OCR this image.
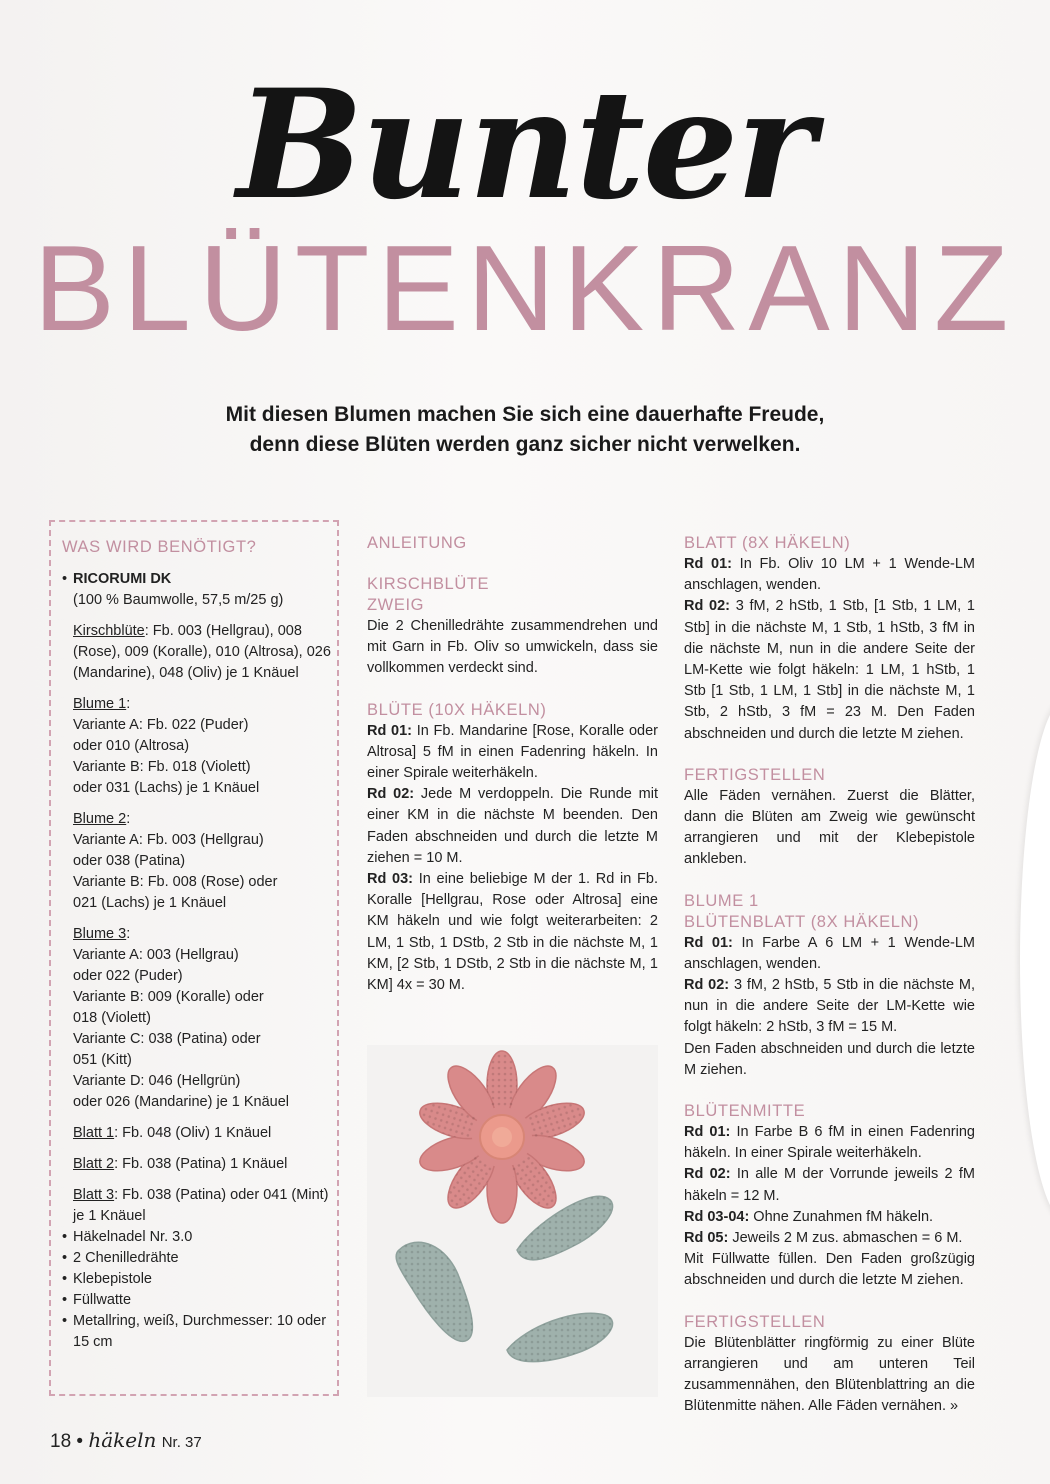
Bunter
BLÜTENKRANZ

Mit diesen Blumen machen Sie sich eine dauerhafte Freude,

denn diese Blüten werden ganz sicher nicht verwelken.

WAS WIRD BENÖTIGT?
• RICORUMI DK
(100 % Baumwolle, 57,5 m/25 g)
Kirschblüte: Fb. 003 (Hellgrau), 008 (Rose), 009 (Koralle), 010 (Altrosa), 026 (Mandarine), 048 (Oliv) je 1 Knäuel
Blume 1:
Variante A: Fb. 022 (Puder)
oder 010 (Altrosa)
Variante B: Fb. 018 (Violett)
oder 031 (Lachs) je 1 Knäuel
Blume 2:
Variante A: Fb. 003 (Hellgrau)
oder 038 (Patina)
Variante B: Fb. 008 (Rose) oder
021 (Lachs) je 1 Knäuel
Blume 3:
Variante A: 003 (Hellgrau)
oder 022 (Puder)
Variante B: 009 (Koralle) oder
018 (Violett)
Variante C: 038 (Patina) oder
051 (Kitt)
Variante D: 046 (Hellgrün)
oder 026 (Mandarine) je 1 Knäuel
Blatt 1: Fb. 048 (Oliv) 1 Knäuel
Blatt 2: Fb. 038 (Patina) 1 Knäuel
Blatt 3: Fb. 038 (Patina) oder 041 (Mint) je 1 Knäuel
• Häkelnadel Nr. 3.0
• 2 Chenilledrähte
• Klebepistole
• Füllwatte
• Metallring, weiß, Durchmesser: 10 oder 15 cm
ANLEITUNG
KIRSCHBLÜTE
ZWEIG

Die 2 Chenilledrähte zusammendrehen und mit Garn in Fb. Oliv so umwickeln, dass sie vollkommen verdeckt sind.

BLÜTE (10X HÄKELN)

Rd 01: In Fb. Mandarine [Rose, Koralle oder Altrosa] 5 fM in einen Fadenring häkeln. In einer Spirale weiterhäkeln.

Rd 02: Jede M verdoppeln. Die Runde mit einer KM in die nächste M beenden. Den Faden abschneiden und durch die letzte M ziehen = 10 M.

Rd 03: In eine beliebige M der 1. Rd in Fb. Koralle [Hellgrau, Rose oder Altrosa] eine KM häkeln und wie folgt weiterarbeiten: 2 LM, 1 Stb, 1 DStb, 2 Stb in die nächste M, 1 KM, [2 Stb, 1 DStb, 2 Stb in die nächste M, 1 KM] 4x = 30 M.

BLATT (8X HÄKELN)

Rd 01: In Fb. Oliv 10 LM + 1 Wende-LM anschlagen, wenden.

Rd 02: 3 fM, 2 hStb, 1 Stb, [1 Stb, 1 LM, 1 Stb] in die nächste M, 1 Stb, 1 hStb, 3 fM in die nächste M, nun in die andere Seite der LM-Kette wie folgt häkeln: 1 LM, 1 hStb, 1 Stb [1 Stb, 1 LM, 1 Stb] in die nächste M, 1 Stb, 2 hStb, 3 fM = 23 M. Den Faden abschneiden und durch die letzte M ziehen.

FERTIGSTELLEN

Alle Fäden vernähen. Zuerst die Blätter, dann die Blüten am Zweig wie gewünscht arrangieren und mit der Klebepistole ankleben.

BLUME 1
BLÜTENBLATT (8X HÄKELN)

Rd 01: In Farbe A 6 LM + 1 Wende-LM anschlagen, wenden.

Rd 02: 3 fM, 2 hStb, 5 Stb in die nächste M, nun in die andere Seite der LM-Kette wie folgt häkeln: 2 hStb, 3 fM = 15 M.

Den Faden abschneiden und durch die letzte M ziehen.

BLÜTENMITTE

Rd 01: In Farbe B 6 fM in einen Fadenring häkeln. In einer Spirale weiterhäkeln.

Rd 02: In alle M der Vorrunde jeweils 2 fM häkeln = 12 M.

Rd 03-04: Ohne Zunahmen fM häkeln.

Rd 05: Jeweils 2 M zus. abmaschen = 6 M.

Mit Füllwatte füllen. Den Faden großzügig abschneiden und durch die letzte M ziehen.

FERTIGSTELLEN

Die Blütenblätter ringförmig zu einer Blüte arrangieren und am unteren Teil zusammennähen, den Blütenblattring an die Blütenmitte nähen. Alle Fäden vernähen. »

18 • häkeln Nr. 37
